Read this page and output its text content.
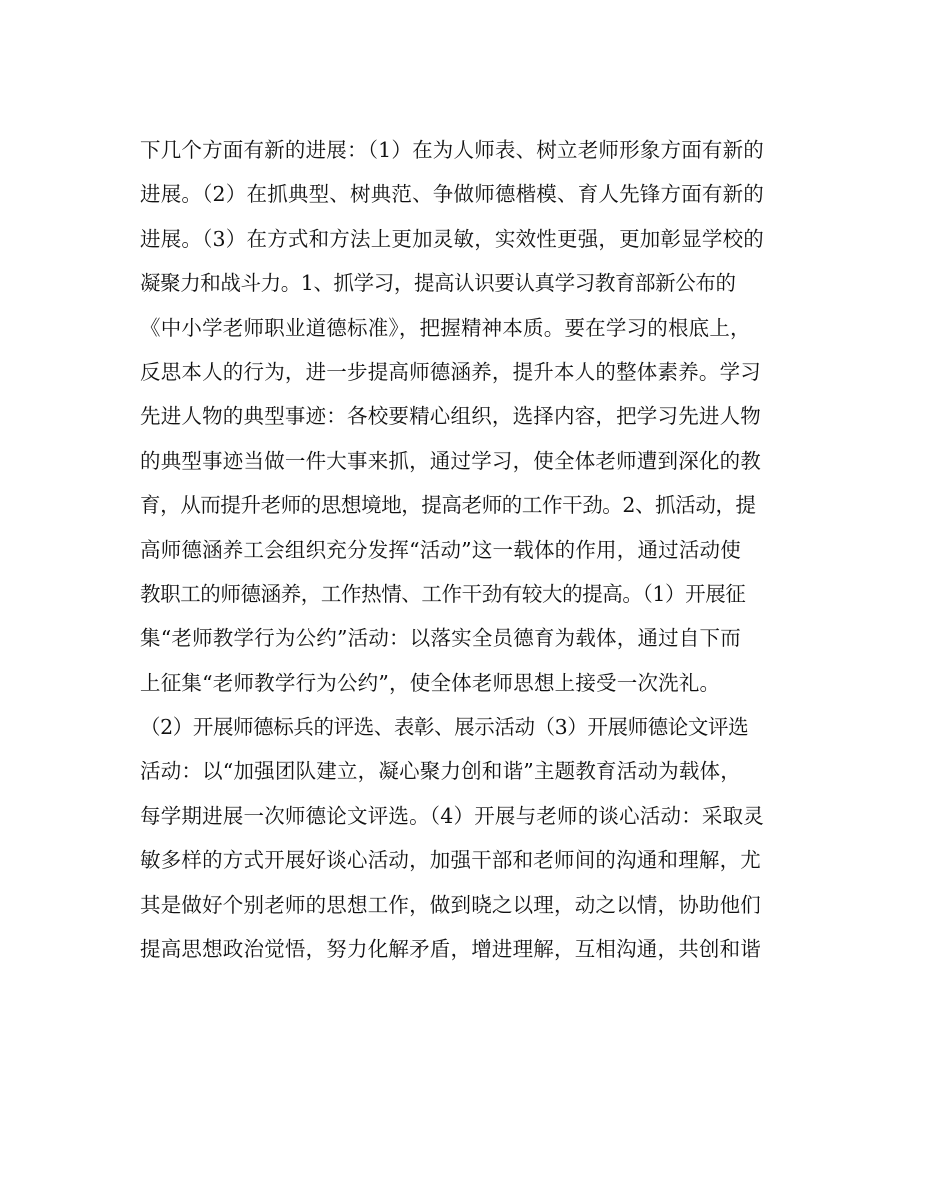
下几个方面有新的进展：（1）在为人师表、树立老师形象方面有新的
进展。（2）在抓典型、树典范、争做师德楷模、育人先锋方面有新的
进展。（3）在方式和方法上更加灵敏，实效性更强，更加彰显学校的
凝聚力和战斗力。1、抓学习，提高认识要认真学习教育部新公布的
《中小学老师职业道德标准》，把握精神本质。要在学习的根底上，
反思本人的行为，进一步提高师德涵养，提升本人的整体素养。学习
先进人物的典型事迹：各校要精心组织，选择内容，把学习先进人物
的典型事迹当做一件大事来抓，通过学习，使全体老师遭到深化的教
育，从而提升老师的思想境地，提高老师的工作干劲。2、抓活动，提
高师德涵养工会组织充分发挥“活动”这一载体的作用，通过活动使
教职工的师德涵养，工作热情、工作干劲有较大的提高。（1）开展征
集“老师教学行为公约”活动：以落实全员德育为载体，通过自下而
上征集“老师教学行为公约”，使全体老师思想上接受一次洗礼。
（2）开展师德标兵的评选、表彰、展示活动（3）开展师德论文评选
活动：以“加强团队建立，凝心聚力创和谐”主题教育活动为载体，
每学期进展一次师德论文评选。（4）开展与老师的谈心活动：采取灵
敏多样的方式开展好谈心活动，加强干部和老师间的沟通和理解，尤
其是做好个别老师的思想工作，做到晓之以理，动之以情，协助他们
提高思想政治觉悟，努力化解矛盾，增进理解，互相沟通，共创和谐
